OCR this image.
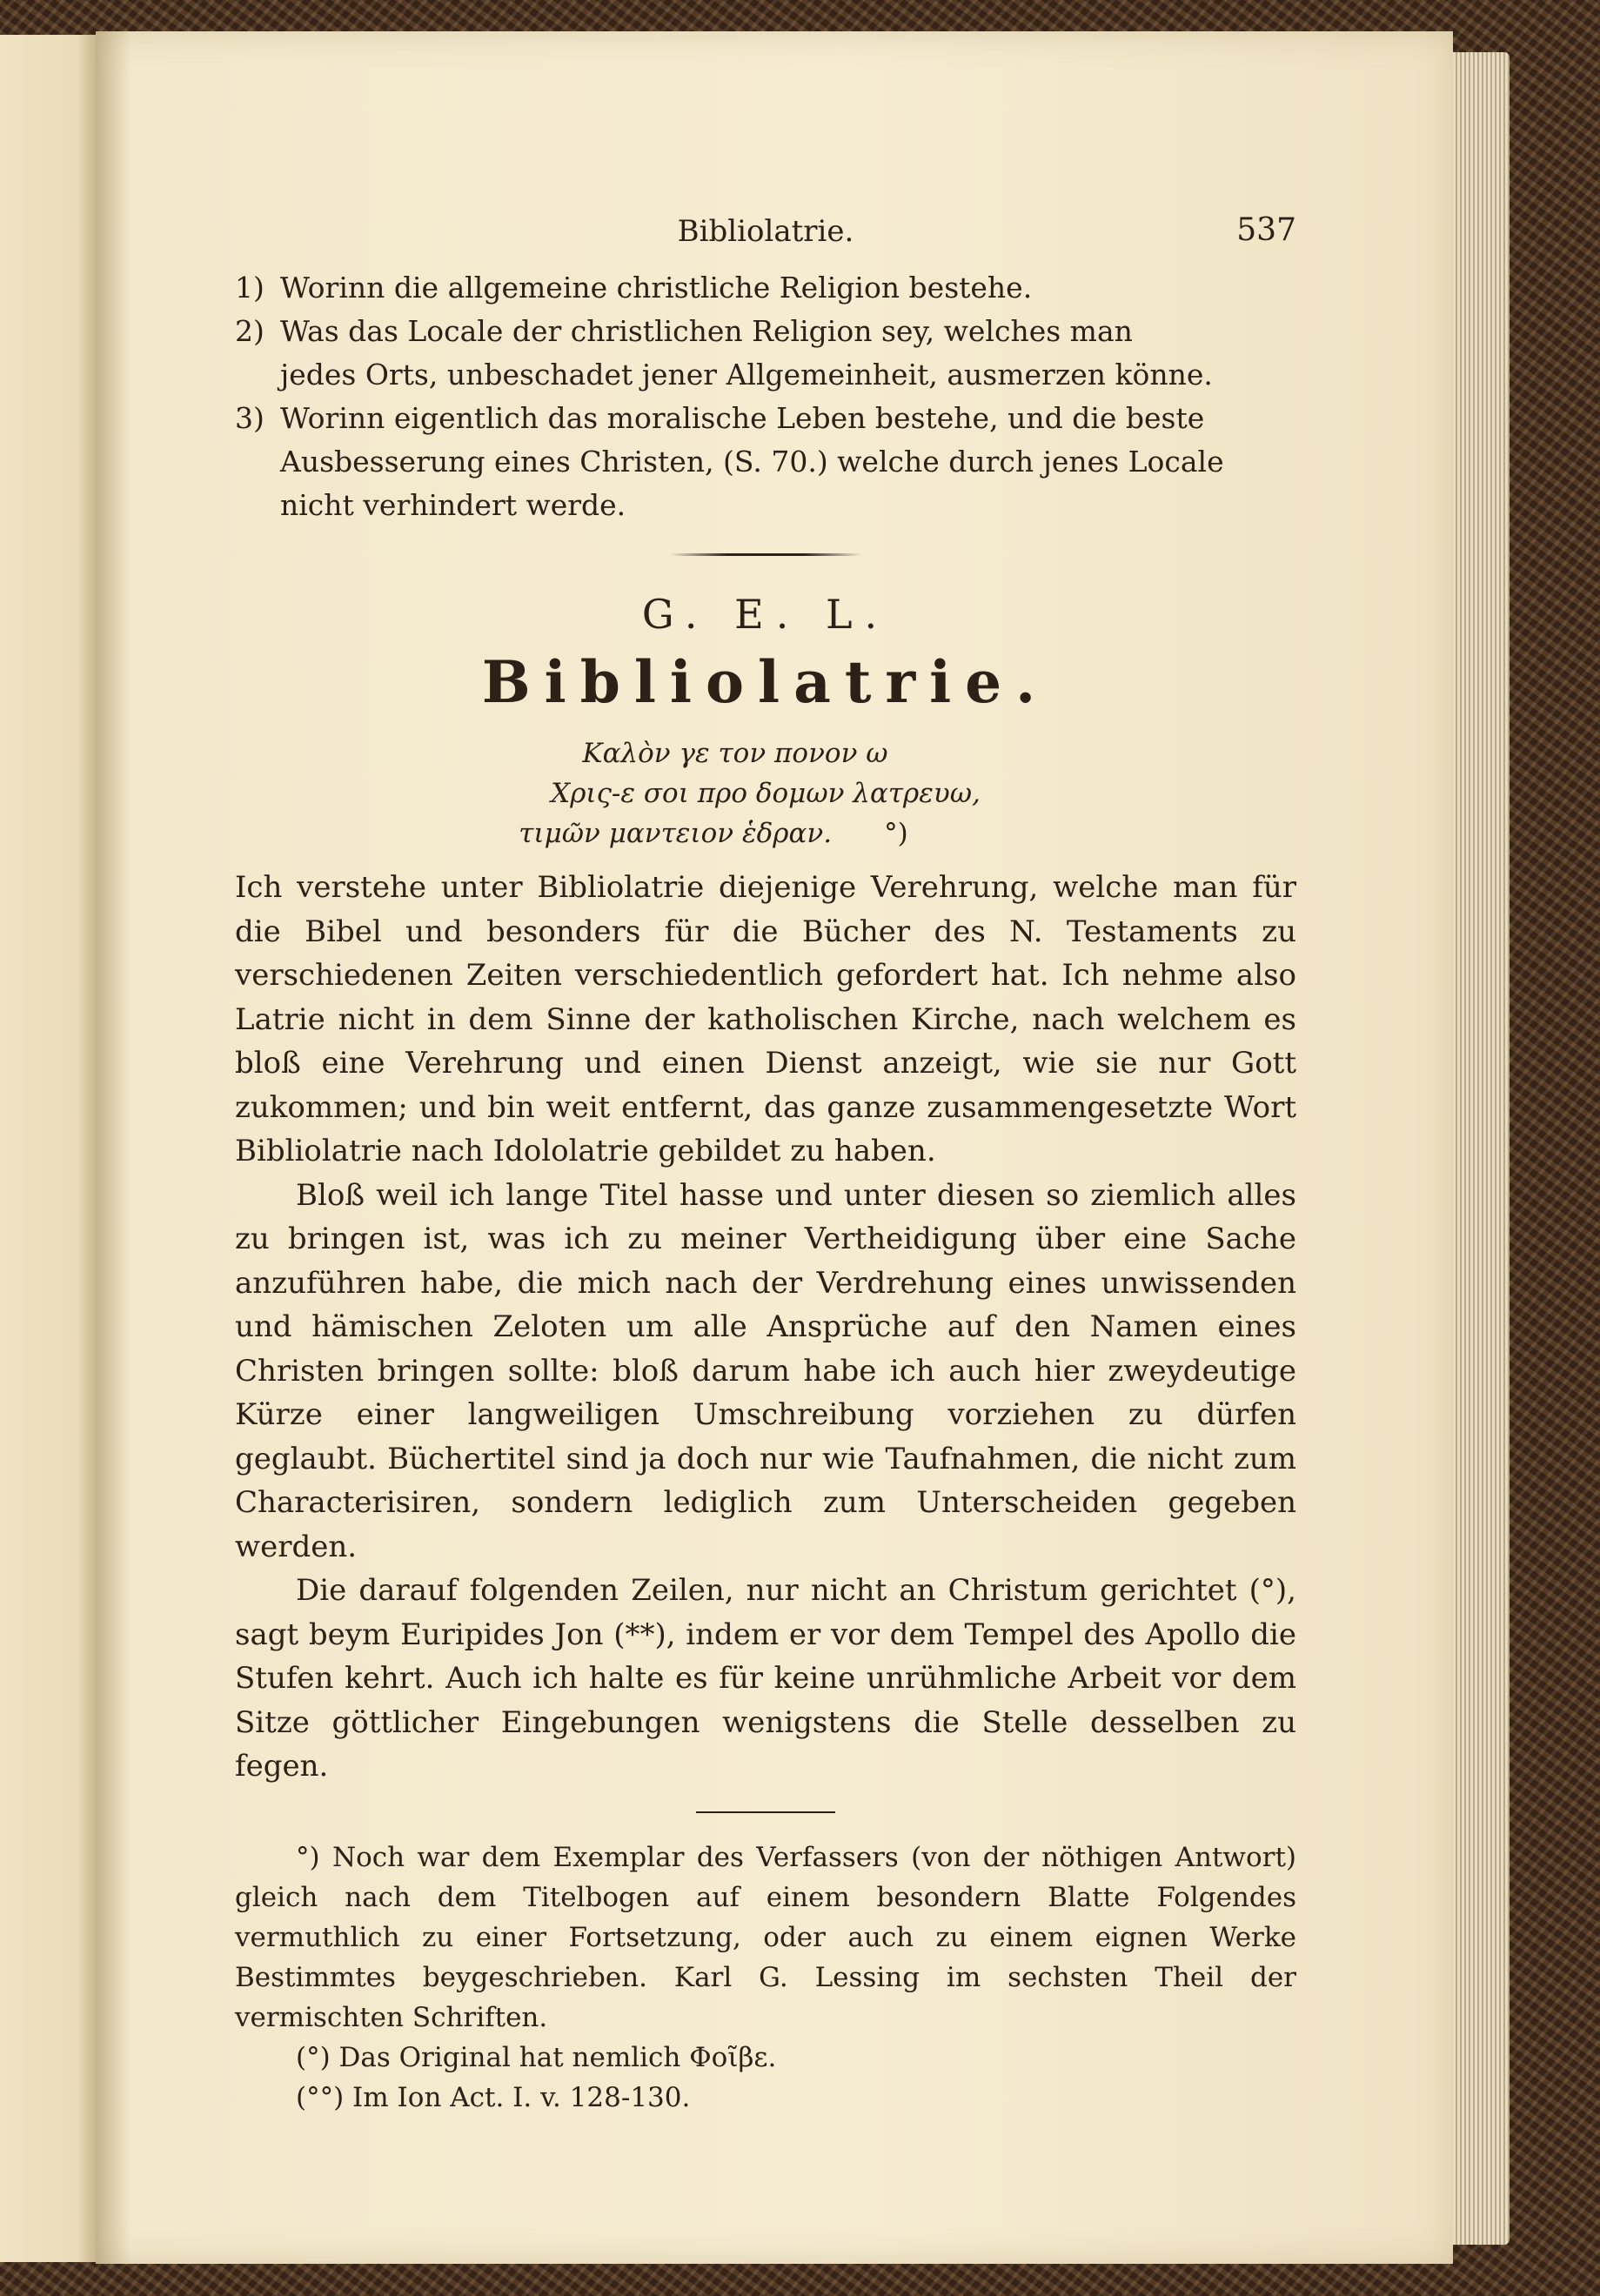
Bibliolatrie.	537

1) Worinn die allgemeine christliche Religion bestehe.

2) Was das Locale der christlichen Religion sey, welches man

jedes Orts, unbeschadet jener Allgemeinheit, ausmerzen könne.

3) Worinn eigentlich das moralische Leben bestehe, und die beste

Ausbesserung eines Christen, (S. 70.) welche durch jenes Locale

nicht verhindert werde.

G. E. L.
Bibliolatrie.
Καλὸν γε τον πονον ω
Χρις-ε σοι προ δομων λατρευω,
τιμῶν μαντειον ἑδραν. °)

Ich verstehe unter Bibliolatrie diejenige Verehrung, welche man für die Bibel und besonders für die Bücher des N. Testaments zu verschiedenen Zeiten verschiedentlich gefordert hat. Ich nehme also Latrie nicht in dem Sinne der katholischen Kirche, nach welchem es bloß eine Verehrung und einen Dienst anzeigt, wie sie nur Gott zukommen; und bin weit entfernt, das ganze zusammengesetzte Wort Bibliolatrie nach Idololatrie gebildet zu haben.

Bloß weil ich lange Titel hasse und unter diesen so ziemlich alles zu bringen ist, was ich zu meiner Vertheidigung über eine Sache anzuführen habe, die mich nach der Verdrehung eines unwissenden und hämischen Zeloten um alle Ansprüche auf den Namen eines Christen bringen sollte: bloß darum habe ich auch hier zweydeutige Kürze einer langweiligen Umschreibung vorziehen zu dürfen geglaubt. Büchertitel sind ja doch nur wie Taufnahmen, die nicht zum Characterisiren, sondern lediglich zum Unterscheiden gegeben werden.

Die darauf folgenden Zeilen, nur nicht an Christum gerichtet (°), sagt beym Euripides Jon (**), indem er vor dem Tempel des Apollo die Stufen kehrt. Auch ich halte es für keine unrühmliche Arbeit vor dem Sitze göttlicher Eingebungen wenigstens die Stelle desselben zu fegen.

°) Noch war dem Exemplar des Verfassers (von der nöthigen Antwort) gleich nach dem Titelbogen auf einem besondern Blatte Folgendes vermuthlich zu einer Fortsetzung, oder auch zu einem eignen Werke Bestimmtes beygeschrieben. Karl G. Lessing im sechsten Theil der vermischten Schriften.

(°) Das Original hat nemlich Φοῖβε.

(°°) Im Ion Act. I. v. 128-130.
